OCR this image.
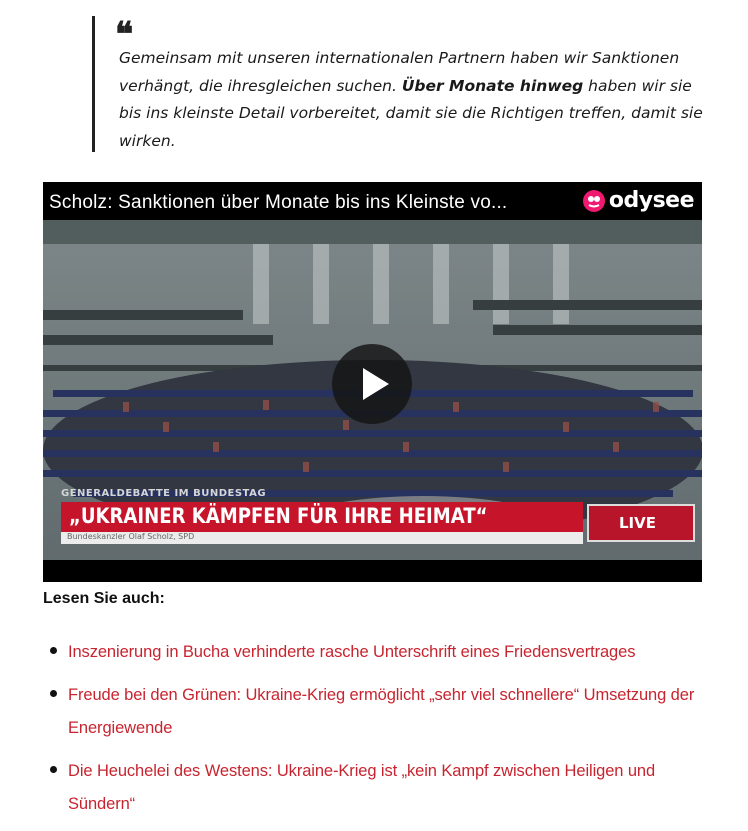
❝

Gemeinsam mit unseren internationalen Partnern haben wir Sanktionen verhängt, die ihresgleichen suchen. Über Monate hinweg haben wir sie bis ins kleinste Detail vorbereitet, damit sie die Richtigen treffen, damit sie wirken.

Scholz: Sanktionen über Monate bis ins Kleinste vo...	odysee
GENERALDEBATTE IM BUNDESTAG
„UKRAINER KÄMPFEN FÜR IHRE HEIMAT“
Bundeskanzler Olaf Scholz, SPD
LIVE
Lesen Sie auch:
Inszenierung in Bucha verhinderte rasche Unterschrift eines Friedensvertrages
Freude bei den Grünen: Ukraine-Krieg ermöglicht „sehr viel schnellere“ Umsetzung der Energiewende
Die Heuchelei des Westens: Ukraine-Krieg ist „kein Kampf zwischen Heiligen und Sündern“
